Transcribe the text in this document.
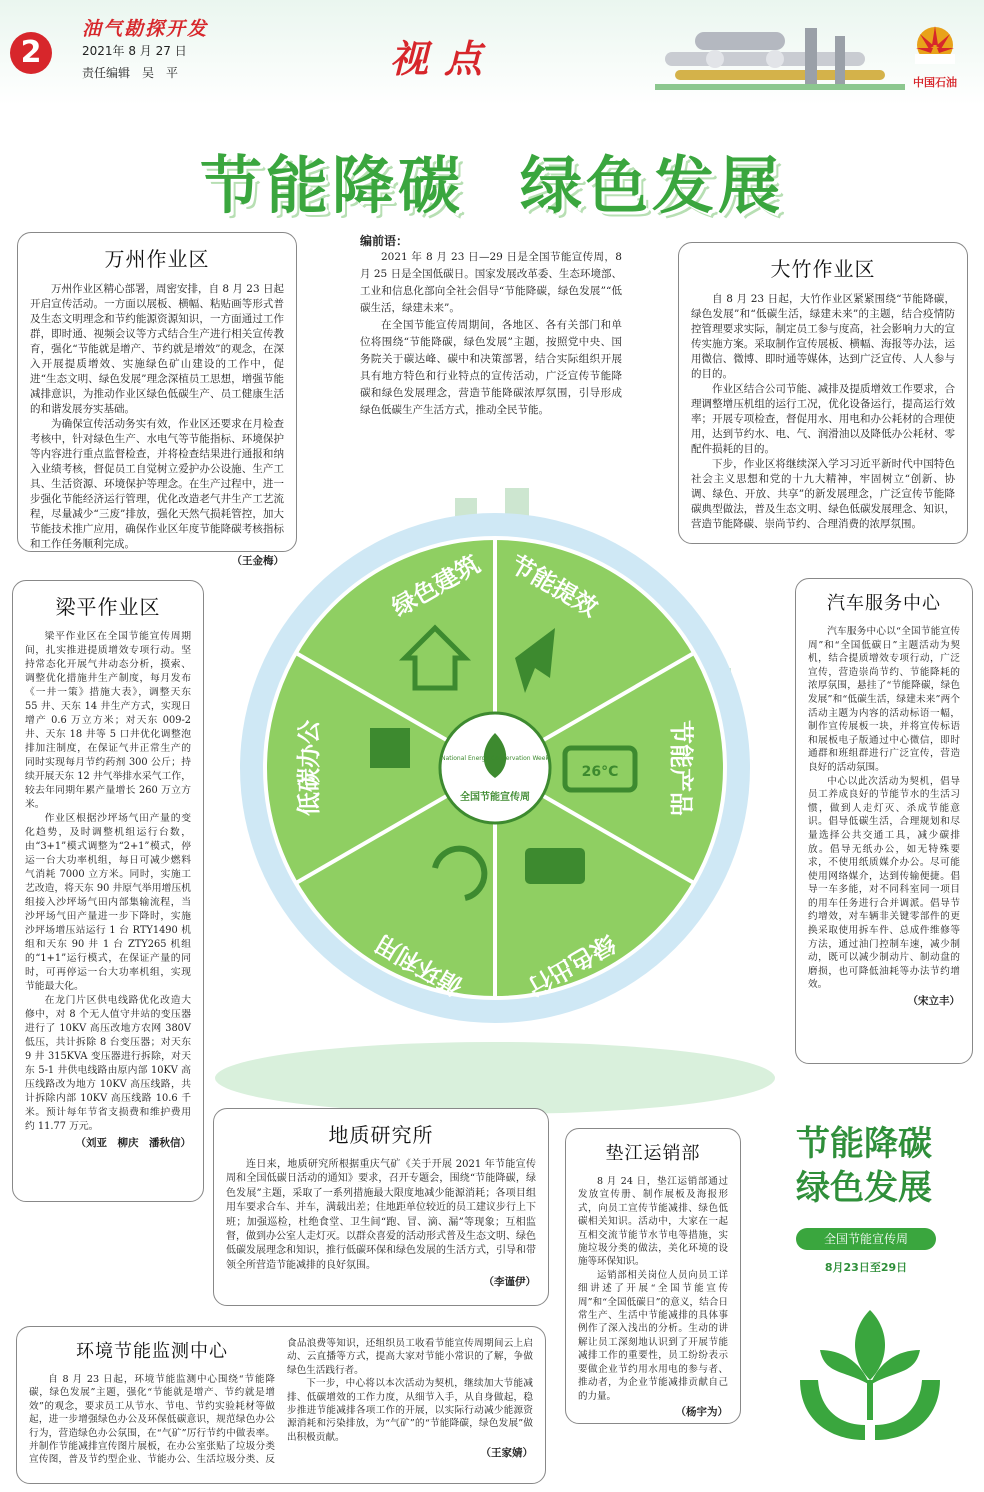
2
油气勘探开发
2021年 8 月 27 日
责任编辑　吴　平	视点
中国石油
节能降碳 绿色发展
编前语：

2021 年 8 月 23 日—29 日是全国节能宣传周，8 月 25 日是全国低碳日。国家发展改革委、生态环境部、工业和信息化部向全社会倡导“节能降碳，绿色发展”“低碳生活，绿建未来”。

在全国节能宣传周期间，各地区、各有关部门和单位将围绕“节能降碳，绿色发展”主题，按照党中央、国务院关于碳达峰、碳中和决策部署，结合实际组织开展具有地方特色和行业特点的宣传活动，广泛宣传节能降碳和绿色发展理念，营造节能降碳浓厚氛围，引导形成绿色低碳生产生活方式，推动全民节能。

万州作业区

万州作业区精心部署，周密安排，自 8 月 23 日起开启宣传活动。一方面以展板、横幅、粘贴画等形式普及生态文明理念和节约能源资源知识，一方面通过工作群，即时通、视频会议等方式结合生产进行相关宣传教育，强化“节能就是增产、节约就是增效”的观念，在深入开展提质增效、实施绿色矿山建设的工作中，促进“生态文明、绿色发展”理念深植员工思想，增强节能减排意识，为推动作业区绿色低碳生产、员工健康生活的和谐发展夯实基础。

为确保宣传活动务实有效，作业区还要求在月检查考核中，针对绿色生产、水电气等节能指标、环境保护等内容进行重点监督检查，并将检查结果进行通报和纳入业绩考核，督促员工自觉树立爱护办公设施、生产工具、生活资源、环境保护等理念。在生产过程中，进一步强化节能经济运行管理，优化改造老气井生产工艺流程，尽量减少“三废”排放，强化天然气损耗管控，加大节能技术推广应用，确保作业区年度节能降碳考核指标和工作任务顺利完成。

（王金梅）

大竹作业区

自 8 月 23 日起，大竹作业区紧紧围绕“节能降碳，绿色发展”和“低碳生活，绿建未来”的主题，结合疫情防控管理要求实际，制定员工参与度高，社会影响力大的宣传实施方案。采取制作宣传展板、横幅、海报等办法，运用微信、微博、即时通等媒体，达到广泛宣传、人人参与的目的。

作业区结合公司节能、减排及提质增效工作要求，合理调整增压机组的运行工况，优化设备运行，提高运行效率；开展专项检查，督促用水、用电和办公耗材的合理使用，达到节约水、电、气、润滑油以及降低办公耗材、零配件损耗的目的。

下步，作业区将继续深入学习习近平新时代中国特色社会主义思想和党的十九大精神，牢固树立“创新、协调、绿色、开放、共享”的新发展理念，广泛宣传节能降碳典型做法，普及生态文明、绿色低碳发展理念、知识，营造节能降碳、崇尚节约、合理消费的浓厚氛围。

梁平作业区

梁平作业区在全国节能宣传周期间，扎实推进提质增效专项行动。坚持常态化开展气井动态分析，摸索、调整优化措施井生产制度，每月发布《一井一策》措施大表》，调整天东 55 井、天东 14 井生产方式，实现日增产 0.6 万立方米；对天东 009-2 井、天东 18 井等 5 口井优化调整泡排加注制度，在保证气井正常生产的同时实现每月节约药剂 300 公斤；持续开展天东 12 井气举排水采气工作，较去年同期年累产量增长 260 万立方米。

作业区根据沙坪场气田产量的变化趋势，及时调整机组运行台数，由“3+1”模式调整为“2+1”模式，停运一台大功率机组，每日可减少燃料气消耗 7000 立方米。同时，实施工艺改造，将天东 90 井原气举用增压机组接入沙坪场气田内部集输流程，当沙坪场气田产量进一步下降时，实施沙坪场增压站运行 1 台 RTY1490 机组和天东 90 井 1 台 ZTY265 机组的“1+1”运行模式，在保证产量的同时，可再停运一台大功率机组，实现节能最大化。

在龙门片区供电线路优化改造大修中，对 8 个无人值守井站的变压器进行了 10KV 高压改地方农网 380V 低压，共计拆除 8 台变压器；对天东 9 井 315KVA 变压器进行拆除，对天东 5-1 井供电线路由原内部 10KV 高压线路改为地方 10KV 高压线路，共计拆除内部 10KV 高压线路 10.6 千米。预计每年节省支损费和维护费用约 11.77 万元。

（刘亚　柳庆　潘秋信）

汽车服务中心

汽车服务中心以“全国节能宣传周”和“全国低碳日”主题活动为契机，结合提质增效专项行动，广泛宣传，营造崇尚节约、节能降耗的浓厚氛围，悬挂了“节能降碳，绿色发展”和“低碳生活，绿建未来”两个活动主题为内容的活动标语一幅，制作宣传展板一块，并将宣传标语和展板电子版通过中心微信，即时通群和班组群进行广泛宣传，营造良好的活动氛围。

中心以此次活动为契机，倡导员工养成良好的节能节水的生活习惯，做到人走灯灭、杀成节能意识。倡导低碳生活，合理规划和尽量选择公共交通工具，减少碳排放。倡导无纸办公，如无特殊要求，不使用纸质媒介办公。尽可能使用网络媒介，达到传输便捷。倡导一车多能，对不同科室同一项目的用车任务进行合并调派。倡导节约增效，对车辆非关键零部件的更换采取使用拆车件、总成件维修等方法，通过油门控制车速，减少制动，既可以减少制动片、制动盘的磨损，也可降低油耗等办法节约增效。

（宋立丰）

26°C
节能提效
节能产品
绿色出行
循环利用
低碳办公
绿色建筑
National Energy Conservation Week
全国节能宣传周
地质研究所

连日来，地质研究所根据重庆气矿《关于开展 2021 年节能宣传周和全国低碳日活动的通知》要求，召开专题会，围绕“节能降碳，绿色发展”主题，采取了一系列措施最大限度地减少能源消耗；各项目组用车要求合车、并车，满载出差；住地距单位较近的员工建议步行上下班；加强巡检，杜绝食堂、卫生间“跑、冒、滴、漏”等现象；互相监督，做到办公室人走灯灭。以群众喜爱的活动形式普及生态文明、绿色低碳发展理念和知识，推行低碳环保和绿色发展的生活方式，引导和带领全所营造节能减排的良好氛围。

（李谨伊）

垫江运销部

8 月 24 日，垫江运销部通过发放宣传册、制作展板及海报形式，向员工宣传节能减排、绿色低碳相关知识。活动中，大家在一起互相交流节能节水节电等措施，实施垃圾分类的做法，美化环境的设施等环保知识。

运销部相关岗位人员向员工详细讲述了开展“全国节能宣传周”和“全国低碳日”的意义，结合日常生产、生活中节能减排的具体事例作了深入浅出的分析。生动的讲解让员工深刻地认识到了开展节能减排工作的重要性，员工纷纷表示要做企业节约用水用电的参与者、推动者，为企业节能减排贡献自己的力量。

（杨宇为）

环境节能监测中心

自 8 月 23 日起，环境节能监测中心围绕“节能降碳，绿色发展”主题，强化“节能就是增产、节约就是增效”的观念，要求员工从节水、节电、节约实验耗材等做起，进一步增强绿色办公及环保低碳意识，规范绿色办公行为，营造绿色办公氛围，在“气矿”厉行节约中做表率。并制作节能减排宣传图片展板，在办公室张贴了垃圾分类宣传图，普及节约型企业、节能办公、生活垃圾分类、反食品浪费等知识，还组织员工收看节能宣传周期间云上启动、云直播等方式，提高大家对节能小常识的了解，争做绿色生活践行者。

下一步，中心将以本次活动为契机，继续加大节能减排、低碳增效的工作力度，从细节入手，从自身做起，稳步推进节能减排各项工作的开展，以实际行动减少能源资源消耗和污染排放，为“气矿”的“节能降碳，绿色发展”做出积极贡献。

（王家婧）

节能降碳
绿色发展
全国节能宣传周
8月23日至29日
